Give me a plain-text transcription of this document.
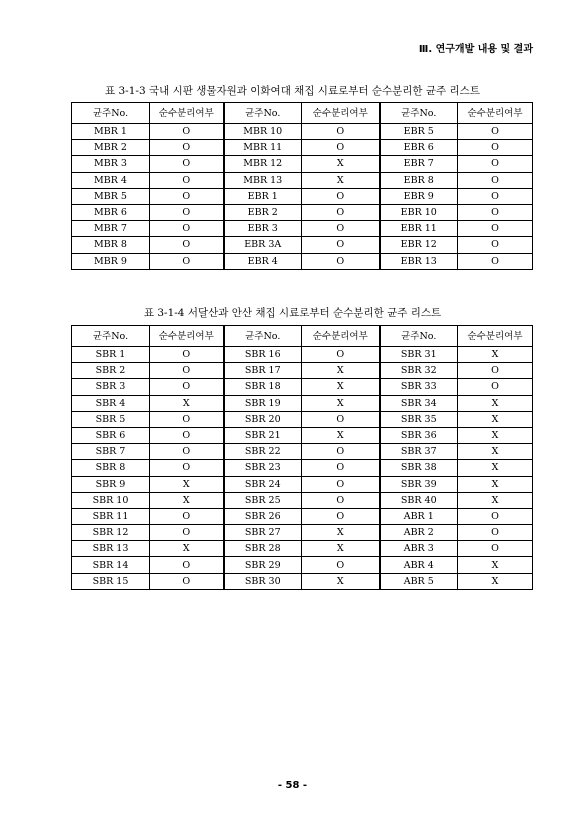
Ⅲ. 연구개발 내용 및 결과
표 3-1-3 국내 시판 생물자원과 이화여대 채집 시료로부터 순수분리한 균주 리스트
균주No.	순수분리여부	균주No.	순수분리여부	균주No.	순수분리여부
MBR 1	O	MBR 10	O	EBR 5	O
MBR 2	O	MBR 11	O	EBR 6	O
MBR 3	O	MBR 12	X	EBR 7	O
MBR 4	O	MBR 13	X	EBR 8	O
MBR 5	O	EBR 1	O	EBR 9	O
MBR 6	O	EBR 2	O	EBR 10	O
MBR 7	O	EBR 3	O	EBR 11	O
MBR 8	O	EBR 3A	O	EBR 12	O
MBR 9	O	EBR 4	O	EBR 13	O
표 3-1-4 서달산과 안산 채집 시료로부터 순수분리한 균주 리스트
균주No.	순수분리여부	균주No.	순수분리여부	균주No.	순수분리여부
SBR 1	O	SBR 16	O	SBR 31	X
SBR 2	O	SBR 17	X	SBR 32	O
SBR 3	O	SBR 18	X	SBR 33	O
SBR 4	X	SBR 19	X	SBR 34	X
SBR 5	O	SBR 20	O	SBR 35	X
SBR 6	O	SBR 21	X	SBR 36	X
SBR 7	O	SBR 22	O	SBR 37	X
SBR 8	O	SBR 23	O	SBR 38	X
SBR 9	X	SBR 24	O	SBR 39	X
SBR 10	X	SBR 25	O	SBR 40	X
SBR 11	O	SBR 26	O	ABR 1	O
SBR 12	O	SBR 27	X	ABR 2	O
SBR 13	X	SBR 28	X	ABR 3	O
SBR 14	O	SBR 29	O	ABR 4	X
SBR 15	O	SBR 30	X	ABR 5	X
- 58 -
